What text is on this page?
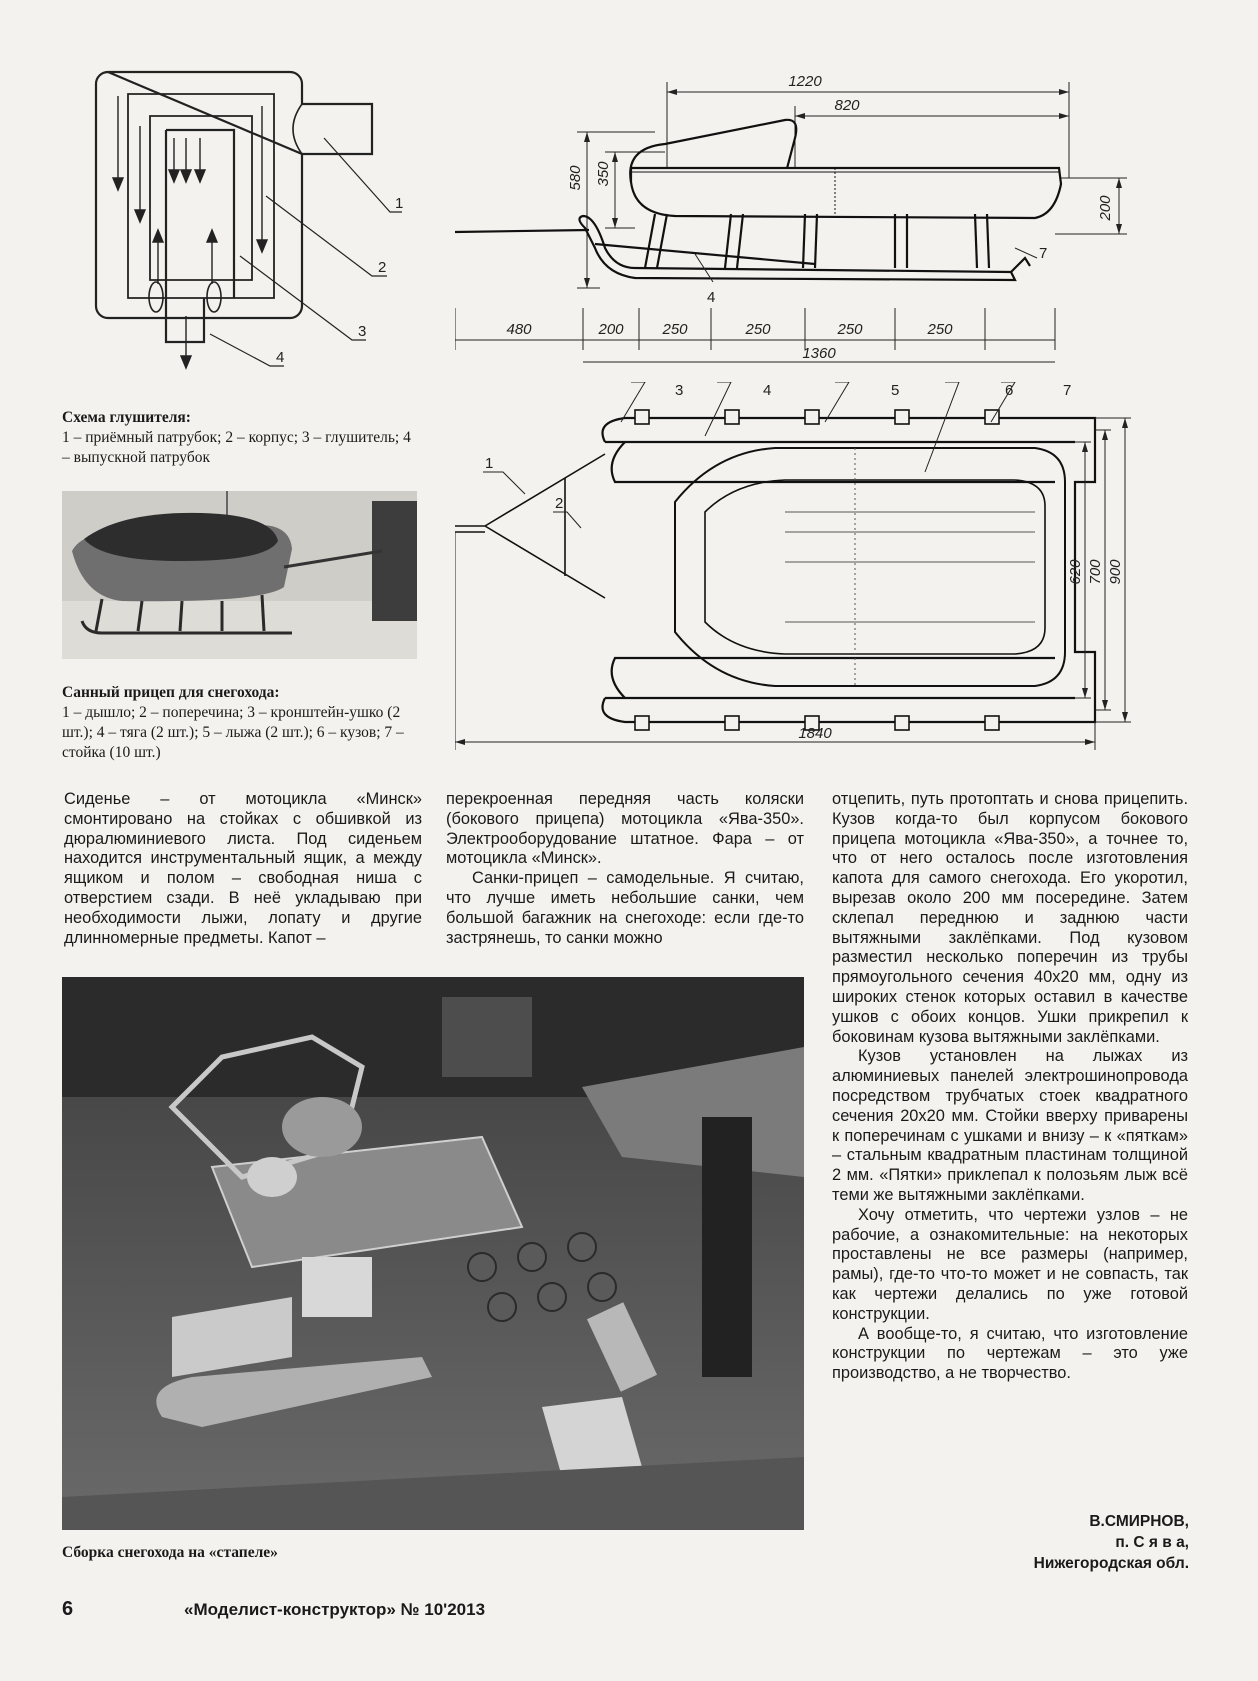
1
2
3
4
Схема глушителя:
1 – приёмный патрубок; 2 – корпус; 3 – глушитель; 4 – выпускной патрубок
Санный прицеп для снегохода:
1 – дышло; 2 – поперечина; 3 – кронштейн-ушко (2 шт.); 4 – тяга (2 шт.); 5 – лыжа (2 шт.); 6 – кузов; 7 – стойка (10 шт.)
1220
820
580 350
200
480	200	250	250	250	250
1360
4
7
1840
620 700 900
1
2
3	4	5	6	7

Сиденье – от мотоцикла «Минск» смонтировано на стойках с обшивкой из дюралюминиевого листа. Под сиденьем находится инструментальный ящик, а между ящиком и полом – свободная ниша с отверстием сзади. В неё укладываю при необходимости лыжи, лопату и другие длинномерные предметы. Капот –

перекроенная передняя часть коляски (бокового прицепа) мотоцикла «Ява-350». Электрооборудование штатное. Фара – от мотоцикла «Минск».

Санки-прицеп – самодельные. Я считаю, что лучше иметь небольшие санки, чем большой багажник на снегоходе: если где-то застрянешь, то санки можно

отцепить, путь протоптать и снова прицепить. Кузов когда-то был корпусом бокового прицепа мотоцикла «Ява-350», а точнее то, что от него осталось после изготовления капота для самого снегохода. Его укоротил, вырезав около 200 мм посередине. Затем склепал переднюю и заднюю части вытяжными заклёпками. Под кузовом разместил несколько поперечин из трубы прямоугольного сечения 40х20 мм, одну из широких стенок которых оставил в качестве ушков с обоих концов. Ушки прикрепил к боковинам кузова вытяжными заклёпками.

Кузов установлен на лыжах из алюминиевых панелей электрошинопровода посредством трубчатых стоек квадратного сечения 20х20 мм. Стойки вверху приварены к поперечинам с ушками и внизу – к «пяткам» – стальным квадратным пластинам толщиной 2 мм. «Пятки» приклепал к полозьям лыж всё теми же вытяжными заклёпками.

Хочу отметить, что чертежи узлов – не рабочие, а ознакомительные: на некоторых проставлены не все размеры (например, рамы), где-то что-то может и не совпасть, так как чертежи делались по уже готовой конструкции.

А вообще-то, я считаю, что изготовление конструкции по чертежам – это уже производство, а не творчество.

Сборка снегохода на «стапеле»
В.СМИРНОВ,
п. С я в а,
Нижегородская обл.
6	«Моделист-конструктор» № 10'2013
